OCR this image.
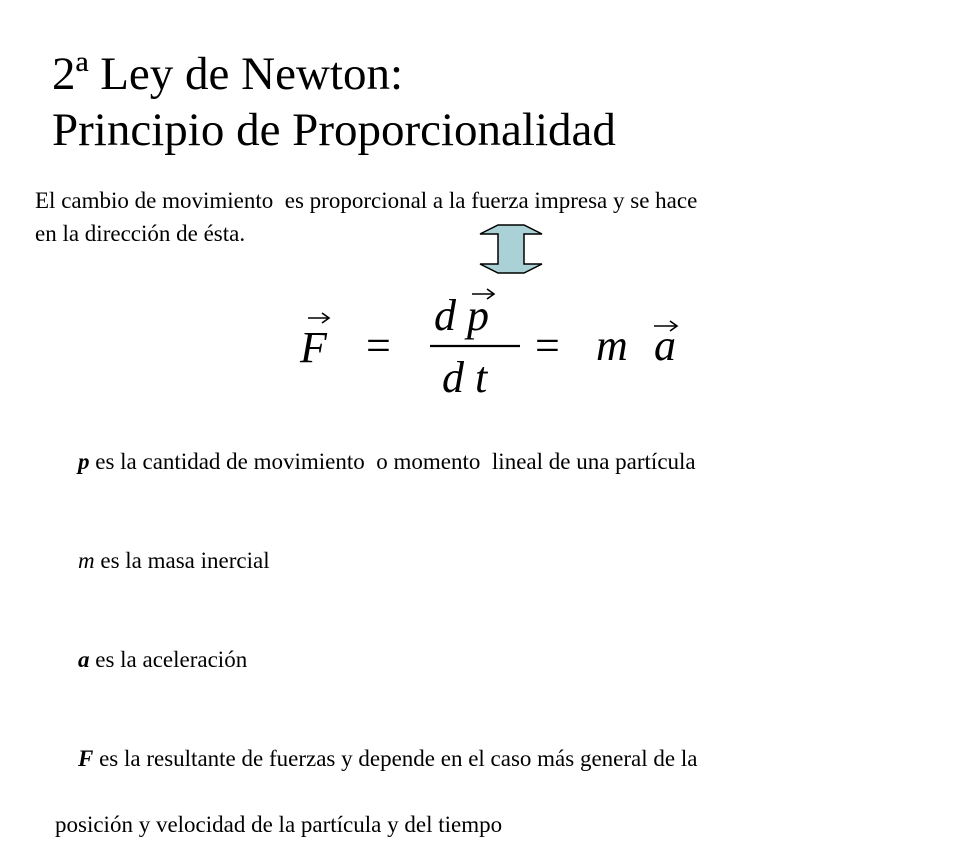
2ª Ley de Newton:
Principio de Proporcionalidad
El cambio de movimiento  es proporcional a la fuerza impresa y se hace
en la dirección de ésta.
F =
d p
d t
= m a

p es la cantidad de movimiento  o momento  lineal de una partícula

m es la masa inercial

a es la aceleración

F es la resultante de fuerzas y depende en el caso más general de la

posición y velocidad de la partícula y del tiempo
